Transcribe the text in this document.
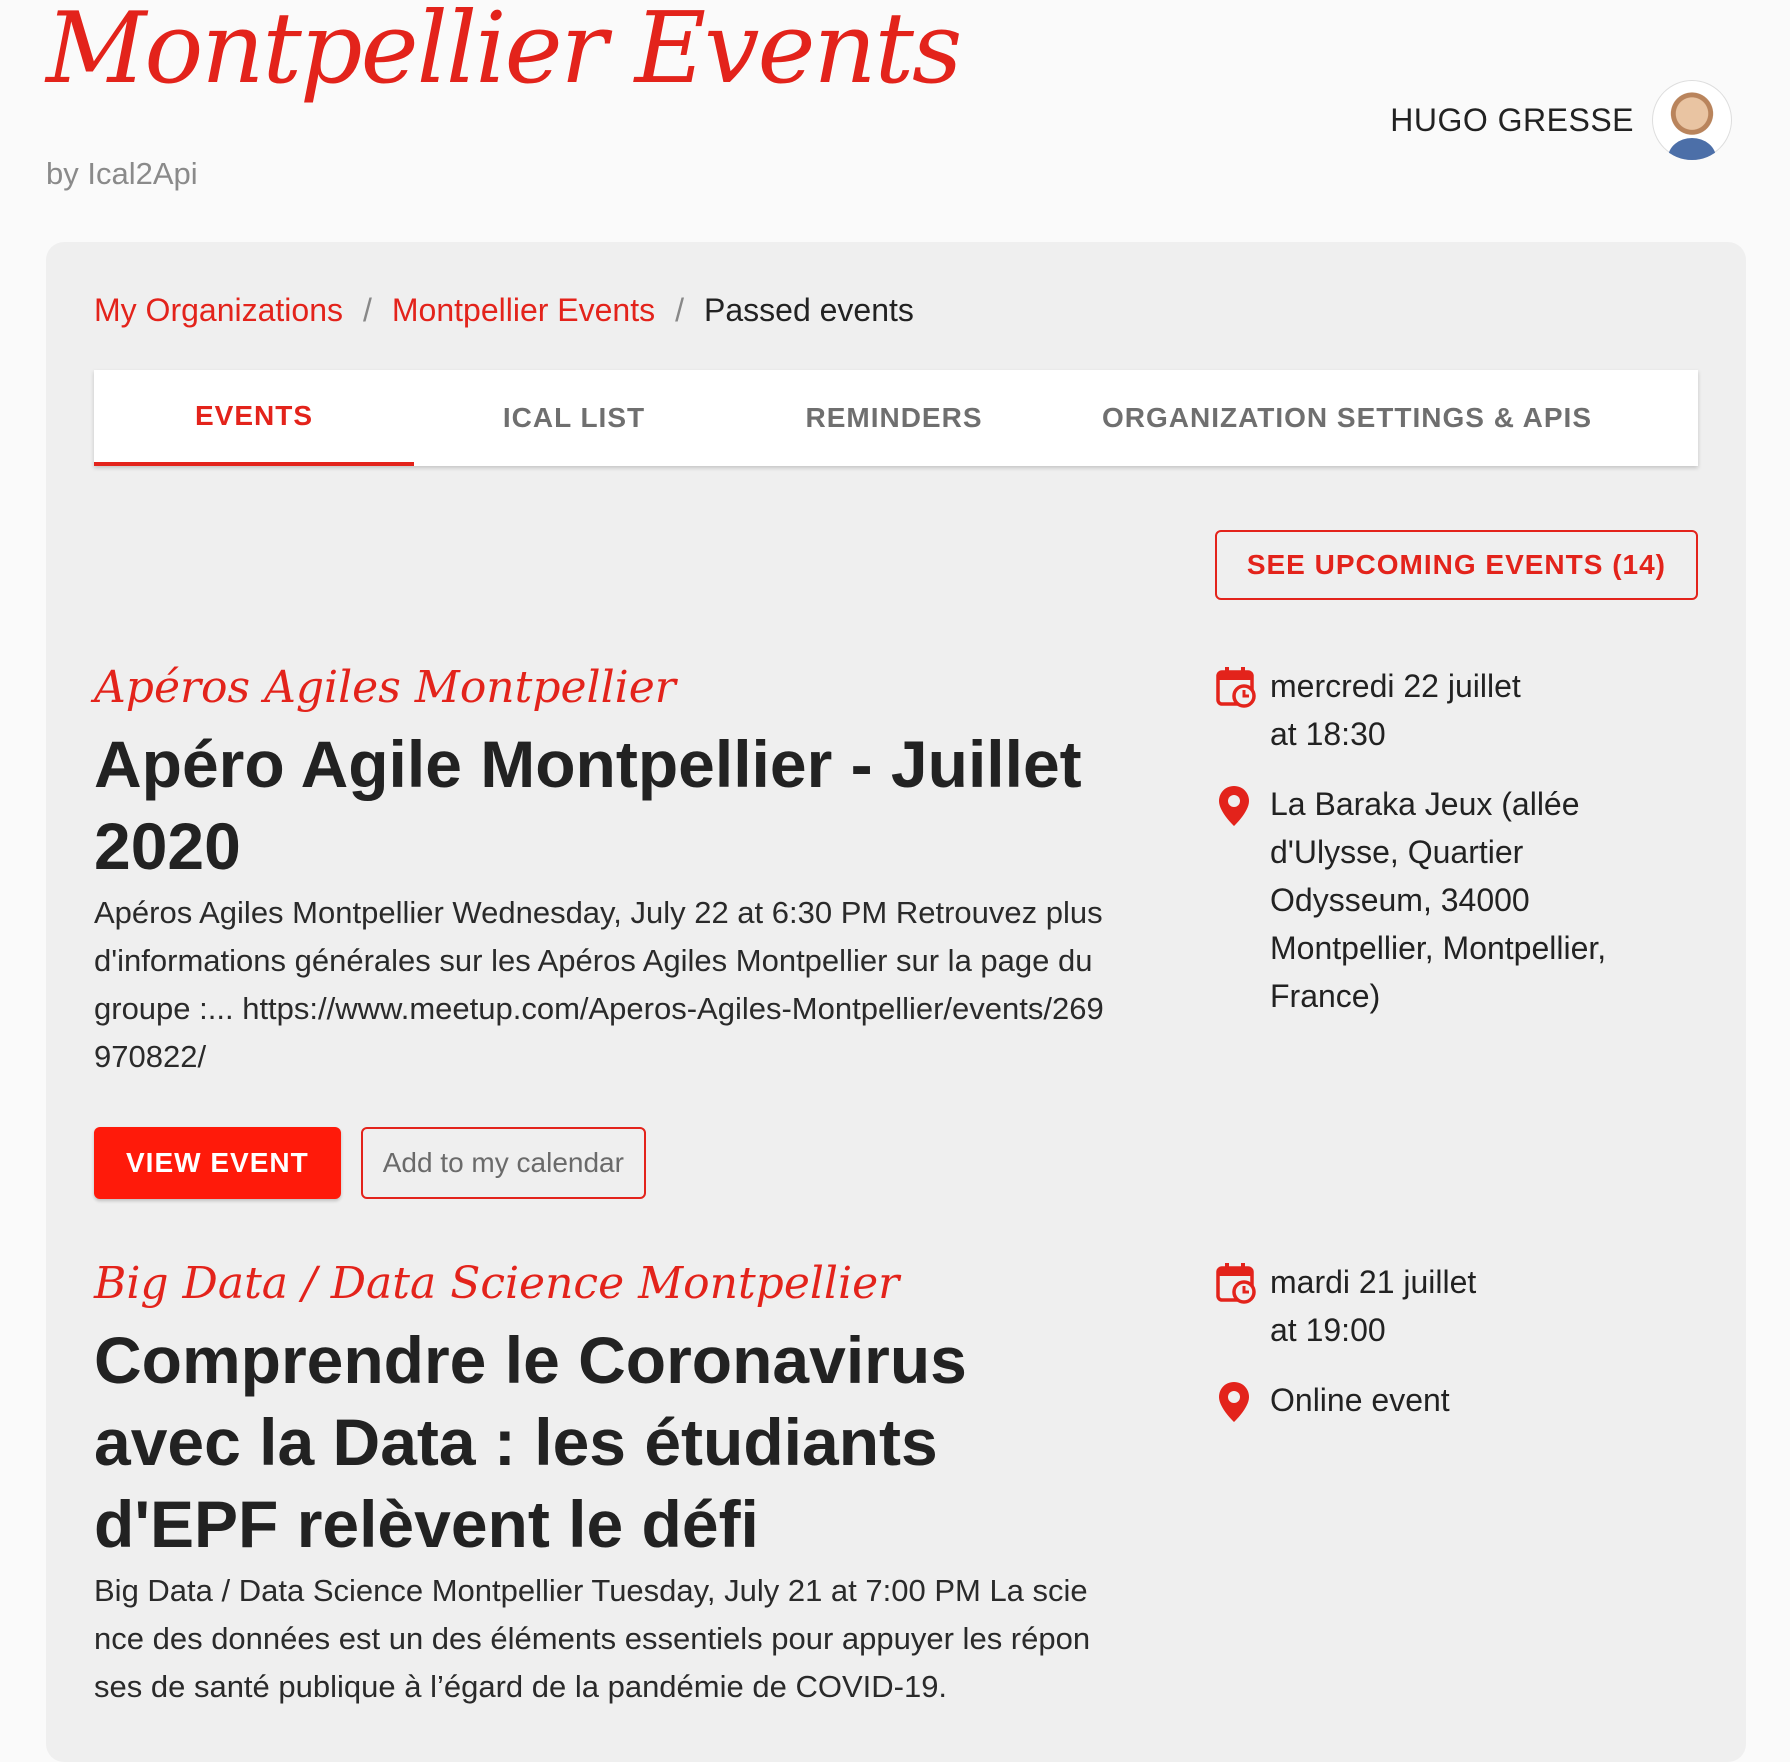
Montpellier Events
by Ical2Api
HUGO GRESSE
My Organizations / Montpellier Events / Passed events
EVENTS	ICAL LIST	REMINDERS	ORGANIZATION SETTINGS & APIS
SEE UPCOMING EVENTS (14)
Apéros Agiles Montpellier
Apéro Agile Montpellier - Juillet 2020
Apéros Agiles Montpellier Wednesday, July 22 at 6:30 PM Retrouvez plus d'informations générales sur les Apéros Agiles Montpellier sur la page du groupe :... https://www.meetup.com/Aperos-Agiles-Montpellier/events/269970822/
VIEW EVENT	Add to my calendar
mercredi 22 juillet
at 18:30
La Baraka Jeux (allée d'Ulysse, Quartier Odysseum, 34000 Montpellier, Montpellier, France)
Big Data / Data Science Montpellier
Comprendre le Coronavirus avec la Data : les étudiants d'EPF relèvent le défi
Big Data / Data Science Montpellier Tuesday, July 21 at 7:00 PM La science des données est un des éléments essentiels pour appuyer les réponses de santé publique à l’égard de la pandémie de COVID-19.
mardi 21 juillet
at 19:00
Online event
